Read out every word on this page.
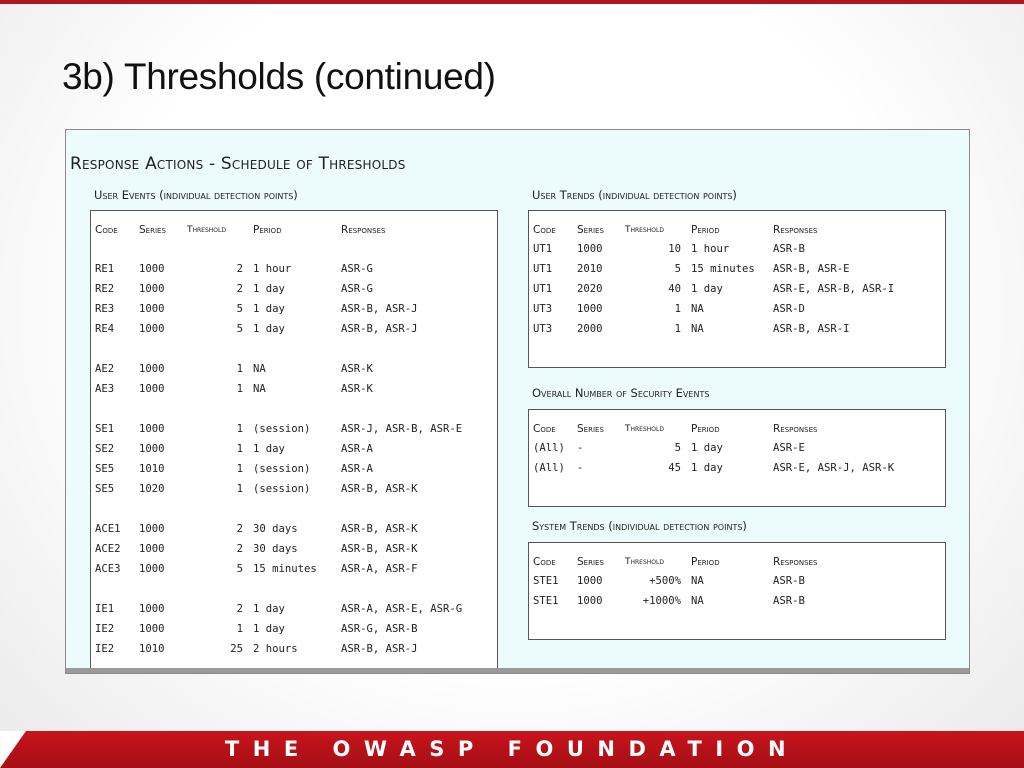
3b) Thresholds (continued)
Response Actions - Schedule of Thresholds

User Events (individual detection points)

Code	Series	Threshold	Period	Responses

RE1	1000	2	1 hour	ASR-G
RE2	1000	2	1 day	ASR-G
RE3	1000	5	1 day	ASR-B, ASR-J
RE4	1000	5	1 day	ASR-B, ASR-J

AE2	1000	1	NA	ASR-K
AE3	1000	1	NA	ASR-K

SE1	1000	1	(session)	ASR-J, ASR-B, ASR-E
SE2	1000	1	1 day	ASR-A
SE5	1010	1	(session)	ASR-A
SE5	1020	1	(session)	ASR-B, ASR-K

ACE1	1000	2	30 days	ASR-B, ASR-K
ACE2	1000	2	30 days	ASR-B, ASR-K
ACE3	1000	5	15 minutes	ASR-A, ASR-F

IE1	1000	2	1 day	ASR-A, ASR-E, ASR-G
IE2	1000	1	1 day	ASR-G, ASR-B
IE2	1010	25	2 hours	ASR-B, ASR-J

User Trends (individual detection points)

Code	Series	Threshold	Period	Responses
UT1	1000	10	1 hour	ASR-B
UT1	2010	5	15 minutes	ASR-B, ASR-E
UT1	2020	40	1 day	ASR-E, ASR-B, ASR-I
UT3	1000	1	NA	ASR-D
UT3	2000	1	NA	ASR-B, ASR-I

Overall Number of Security Events

Code	Series	Threshold	Period	Responses
(All)	-	5	1 day	ASR-E
(All)	-	45	1 day	ASR-E, ASR-J, ASR-K

System Trends (individual detection points)

Code	Series	Threshold	Period	Responses
STE1	1000	+500%	NA	ASR-B
STE1	1000	+1000%	NA	ASR-B
THE OWASP FOUNDATION
